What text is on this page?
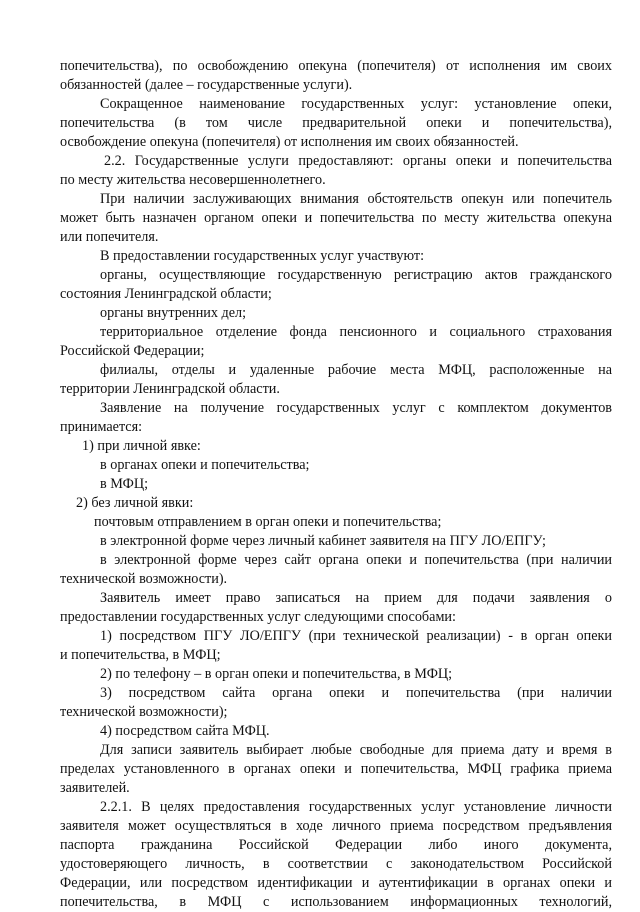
попечительства), по освобождению опекуна (попечителя) от исполнения им своих
обязанностей (далее – государственные услуги).
Сокращенное наименование государственных услуг: установление опеки,
попечительства (в том числе предварительной опеки и попечительства),
освобождение опекуна (попечителя) от исполнения им своих обязанностей.
2.2. Государственные услуги предоставляют: органы опеки и попечительства
по месту жительства несовершеннолетнего.
При наличии заслуживающих внимания обстоятельств опекун или попечитель
может быть назначен органом опеки и попечительства по месту жительства опекуна
или попечителя.
В предоставлении государственных услуг участвуют:
органы, осуществляющие государственную регистрацию актов гражданского
состояния Ленинградской области;
органы внутренних дел;
территориальное отделение фонда пенсионного и социального страхования
Российской Федерации;
филиалы, отделы и удаленные рабочие места МФЦ, расположенные на
территории Ленинградской области.
Заявление на получение государственных услуг с комплектом документов
принимается:
1) при личной явке:
в органах опеки и попечительства;
в МФЦ;
2) без личной явки:
почтовым отправлением в орган опеки и попечительства;
в электронной форме через личный кабинет заявителя на ПГУ ЛО/ЕПГУ;
в электронной форме через сайт органа опеки и попечительства (при наличии
технической возможности).
Заявитель имеет право записаться на прием для подачи заявления о
предоставлении государственных услуг следующими способами:
1) посредством ПГУ ЛО/ЕПГУ (при технической реализации) - в орган опеки
и попечительства, в МФЦ;
2) по телефону – в орган опеки и попечительства, в МФЦ;
3) посредством сайта органа опеки и попечительства (при наличии
технической возможности);
4) посредством сайта МФЦ.
Для записи заявитель выбирает любые свободные для приема дату и время в
пределах установленного в органах опеки и попечительства, МФЦ графика приема
заявителей.
2.2.1. В целях предоставления государственных услуг установление личности
заявителя может осуществляться в ходе личного приема посредством предъявления
паспорта гражданина Российской Федерации либо иного документа,
удостоверяющего личность, в соответствии с законодательством Российской
Федерации, или посредством идентификации и аутентификации в органах опеки и
попечительства, в МФЦ с использованием информационных технологий,
